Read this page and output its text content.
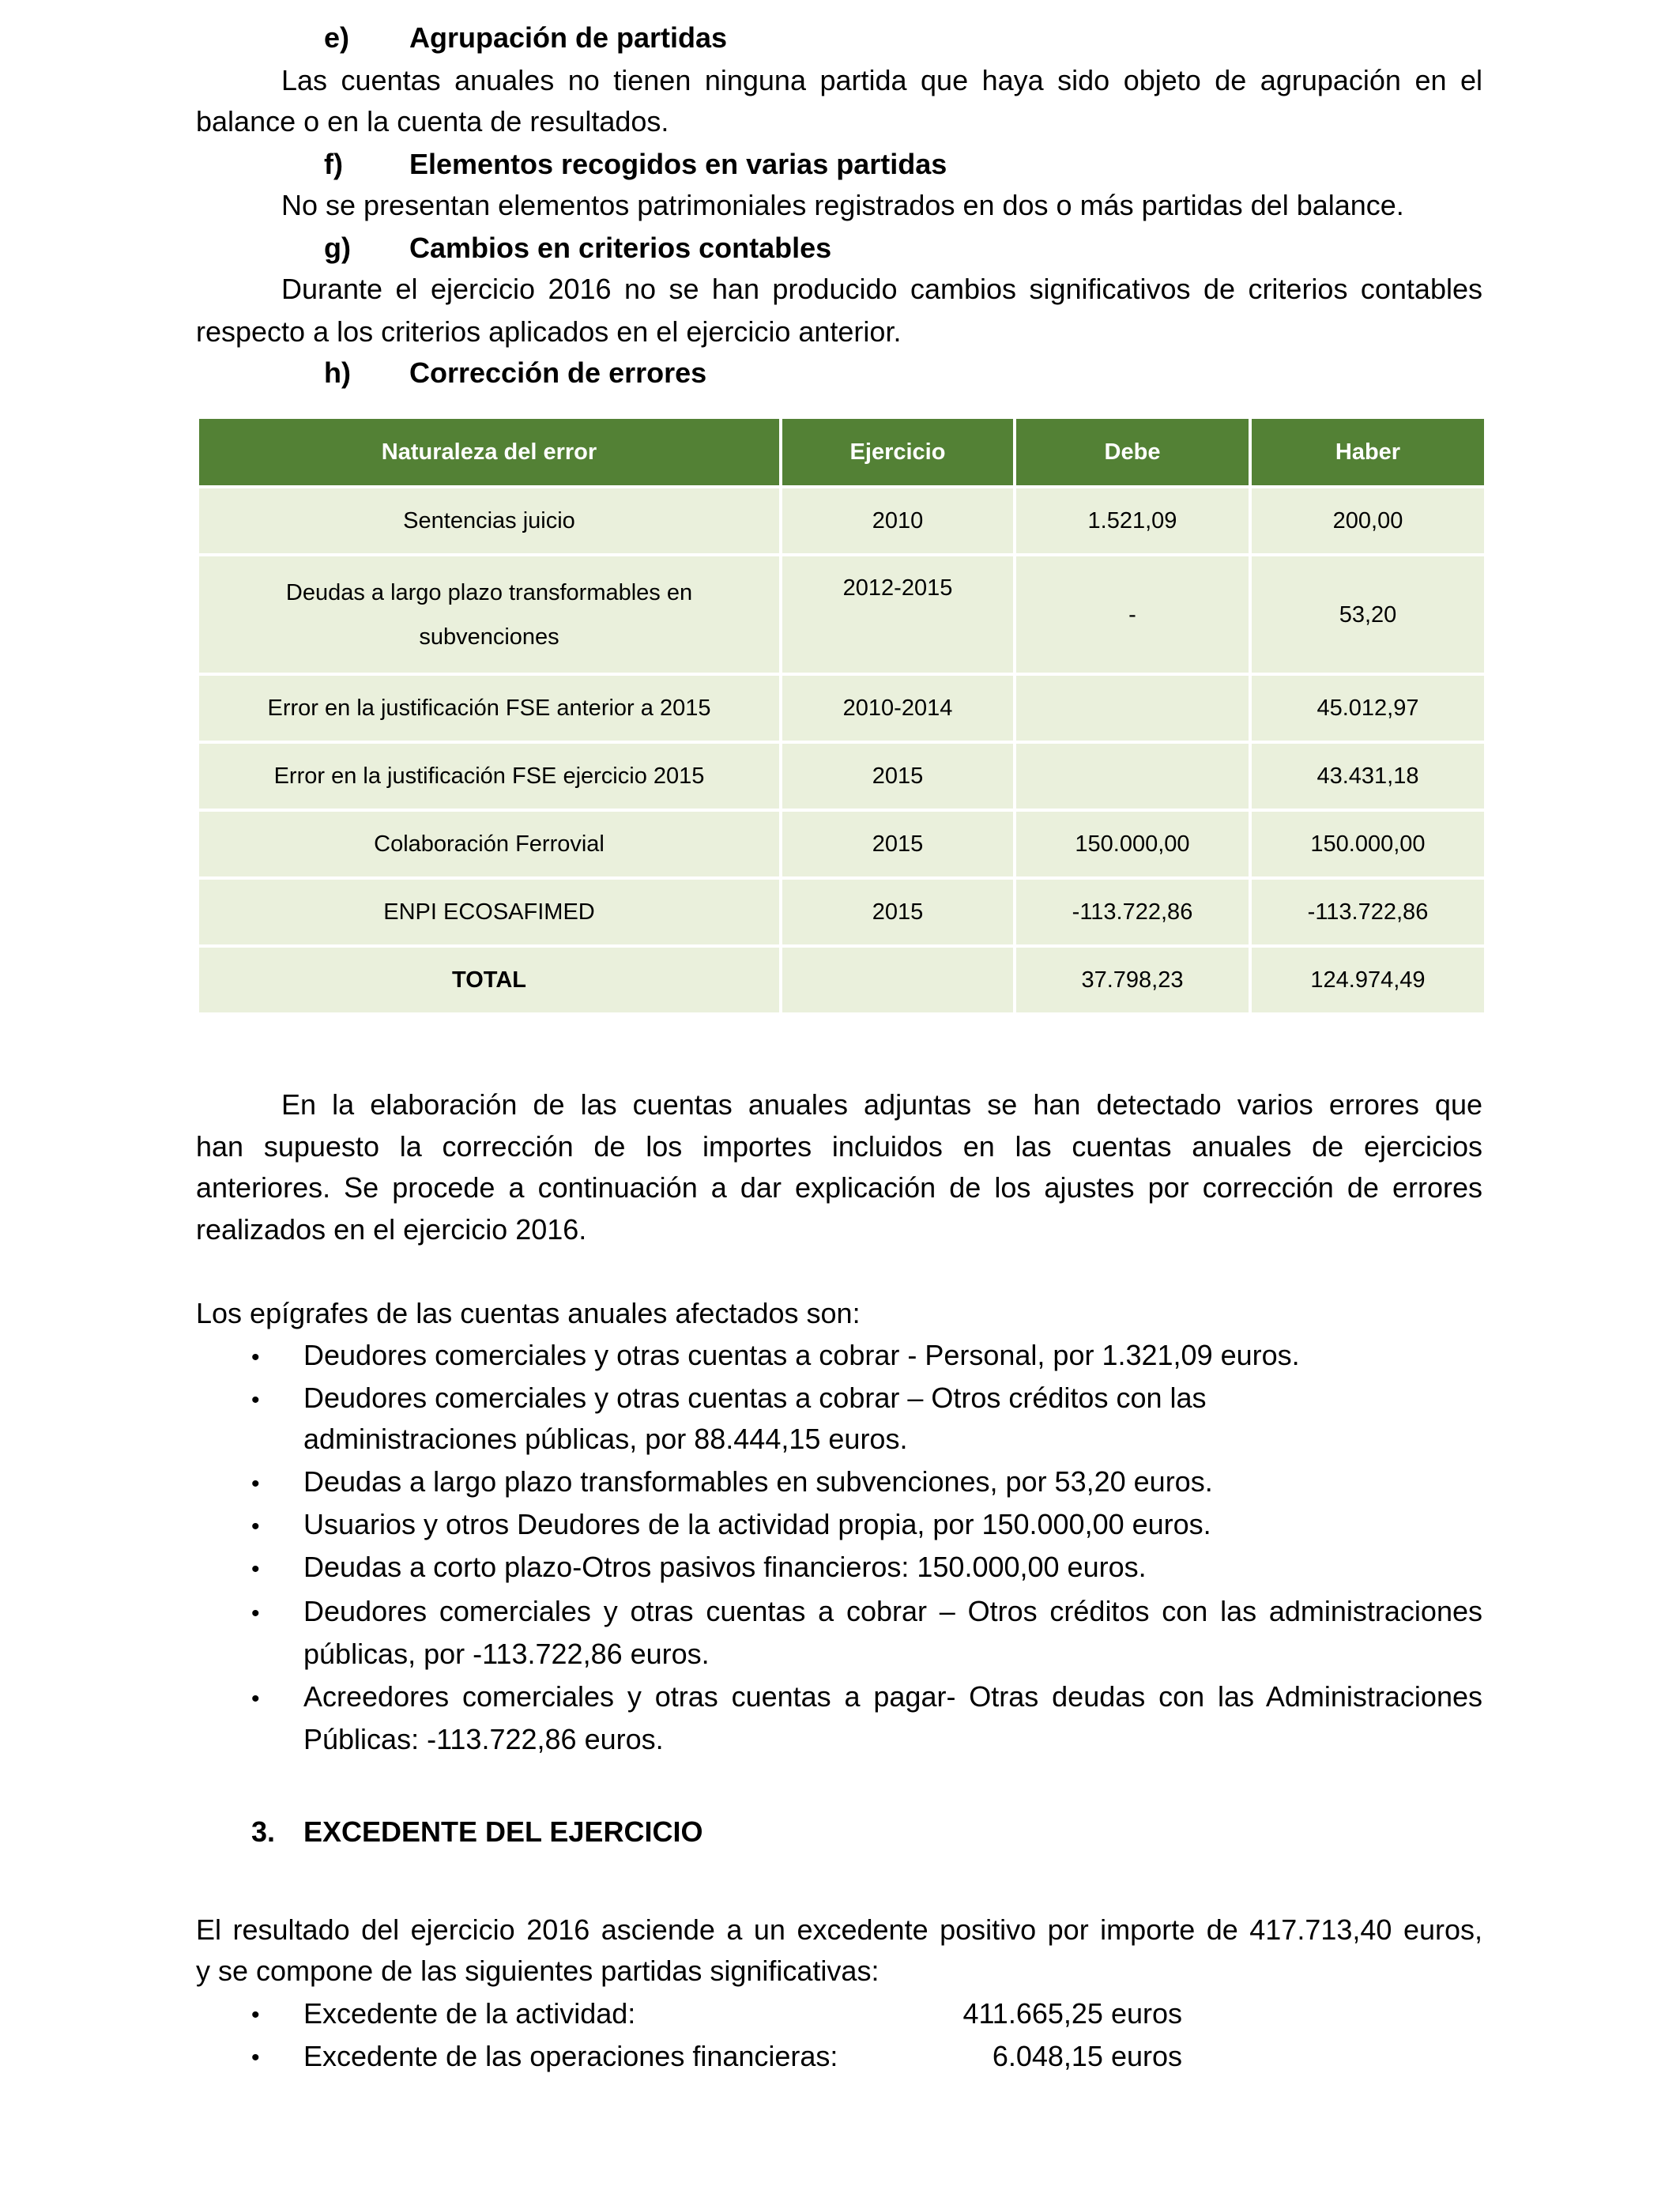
e) Agrupación de partidas
Las cuentas anuales no tienen ninguna partida que haya sido objeto de agrupación en el
balance o en la cuenta de resultados.
f) Elementos recogidos en varias partidas
No se presentan elementos patrimoniales registrados en dos o más partidas del balance.
g) Cambios en criterios contables
Durante el ejercicio 2016 no se han producido cambios significativos de criterios contables
respecto a los criterios aplicados en el ejercicio anterior.
h) Corrección de errores
Naturaleza del error	Ejercicio	Debe	Haber
Sentencias juicio	2010	1.521,09	200,00
Deudas a largo plazo transformables en
subvenciones	2012-2015	-	53,20
Error en la justificación FSE anterior a 2015	2010-2014		45.012,97
Error en la justificación FSE ejercicio 2015	2015		43.431,18
Colaboración Ferrovial	2015	150.000,00	150.000,00
ENPI ECOSAFIMED	2015	-113.722,86	-113.722,86
TOTAL		37.798,23	124.974,49
En la elaboración de las cuentas anuales adjuntas se han detectado varios errores que
han supuesto la corrección de los importes incluidos en las cuentas anuales de ejercicios
anteriores. Se procede a continuación a dar explicación de los ajustes por corrección de errores
realizados en el ejercicio 2016.
Los epígrafes de las cuentas anuales afectados son:
• Deudores comerciales y otras cuentas a cobrar - Personal, por 1.321,09 euros.
• Deudores comerciales y otras cuentas a cobrar – Otros créditos con las
administraciones públicas, por 88.444,15 euros.
• Deudas a largo plazo transformables en subvenciones, por 53,20 euros.
• Usuarios y otros Deudores de la actividad propia, por 150.000,00 euros.
• Deudas a corto plazo-Otros pasivos financieros: 150.000,00 euros.
• Deudores comerciales y otras cuentas a cobrar – Otros créditos con las administraciones
públicas, por -113.722,86 euros.
• Acreedores comerciales y otras cuentas a pagar- Otras deudas con las Administraciones
Públicas: -113.722,86 euros.
3. EXCEDENTE DEL EJERCICIO
El resultado del ejercicio 2016 asciende a un excedente positivo por importe de 417.713,40 euros,
y se compone de las siguientes partidas significativas:
• Excedente de la actividad:	411.665,25 euros
• Excedente de las operaciones financieras:	6.048,15 euros
